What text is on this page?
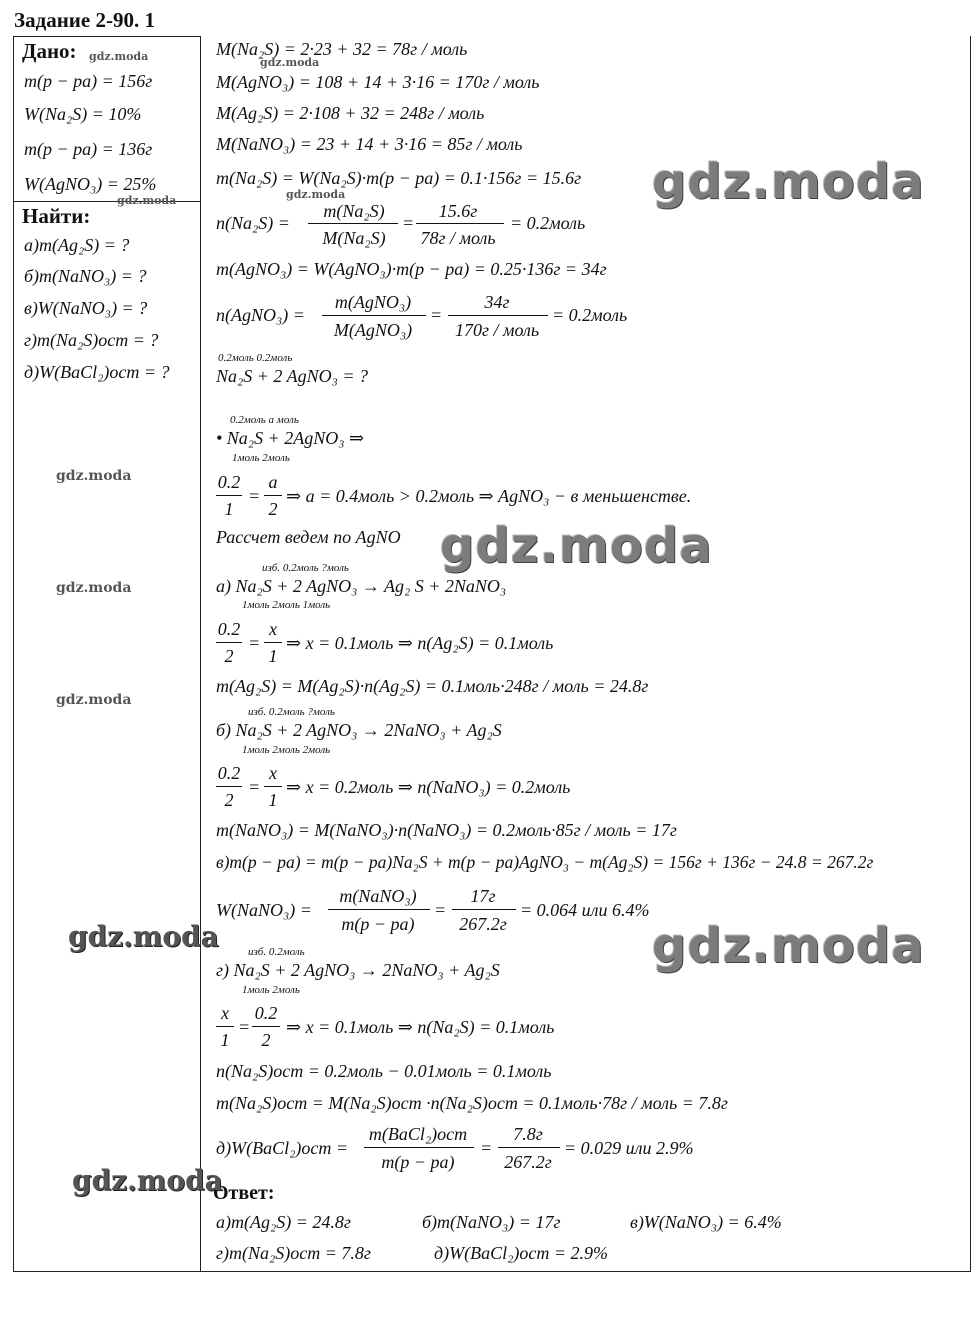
Задание 2-90. 1
Дано:
m(p − pa) = 156г
W(Na₂S) = 10%
m(p − pa) = 136г
W(AgNO₃) = 25%
Найти:
а)m(Ag₂S) = ?
б)m(NaNO₃) = ?
в)W(NaNO₃) = ?
г)m(Na₂S)ост = ?
д)W(BaCl₂)ост = ?
M(Na₂S) = 2·23 + 32 = 78г / моль
M(AgNO₃) = 108 + 14 + 3·16 = 170г / моль
M(Ag₂S) = 2·108 + 32 = 248г / моль
M(NaNO₃) = 23 + 14 + 3·16 = 85г / моль
m(Na₂S) = W(Na₂S)·m(p − pa) = 0.1·156г = 15.6г
n(Na₂S) =
m(Na₂S)
M(Na₂S)
=
15.6г
78г / моль
= 0.2моль
m(AgNO₃) = W(AgNO₃)·m(p − pa) = 0.25·136г = 34г
n(AgNO₃) =
m(AgNO₃)
M(AgNO₃)
=
34г
170г / моль
= 0.2моль
0.2моль 0.2моль
Na₂S + 2 AgNO₃ = ?
0.2моль a моль
• Na₂S + 2AgNO₃ ⇒
1моль 2моль
0.2
1
=
a
2
⇒ a = 0.4моль > 0.2моль ⇒ AgNO₃ − в меньшенстве.
Рассчет ведем по AgNO
изб. 0.2моль ?моль
а) Na₂S + 2 AgNO₃ → Ag₂ S + 2NaNO₃
1моль 2моль 1моль
0.2
2
=
x
1
⇒ x = 0.1моль ⇒ n(Ag₂S) = 0.1моль
m(Ag₂S) = M(Ag₂S)·n(Ag₂S) = 0.1моль·248г / моль = 24.8г
изб. 0.2моль ?моль
б) Na₂S + 2 AgNO₃ → 2NaNO₃ + Ag₂S
1моль 2моль 2моль
0.2
2
=
x
1
⇒ x = 0.2моль ⇒ n(NaNO₃) = 0.2моль
m(NaNO₃) = M(NaNO₃)·n(NaNO₃) = 0.2моль·85г / моль = 17г
в)m(p − pa) = m(p − pa)Na₂S + m(p − pa)AgNO₃ − m(Ag₂S) = 156г + 136г − 24.8 = 267.2г
W(NaNO₃) =
m(NaNO₃)
m(p − pa)
=
17г
267.2г
= 0.064 или 6.4%
изб. 0.2моль
г) Na₂S + 2 AgNO₃ → 2NaNO₃ + Ag₂S
1моль 2моль
x
1
=
0.2
2
⇒ x = 0.1моль ⇒ n(Na₂S) = 0.1моль
n(Na₂S)ост = 0.2моль − 0.01моль = 0.1моль
m(Na₂S)ост = M(Na₂S)ост ·n(Na₂S)ост = 0.1моль·78г / моль = 7.8г
д)W(BaCl₂)ост =
m(BaCl₂)ост
m(p − pa)
=
7.8г
267.2г
= 0.029 или 2.9%
Ответ:
а)m(Ag₂S) = 24.8г	б)m(NaNO₃) = 17г	в)W(NaNO₃) = 6.4%
г)m(Na₂S)ост = 7.8г	д)W(BaCl₂)ост = 2.9%
gdz.moda	gdz.moda
gdz.moda	gdz.moda
gdz.moda
gdz.moda
gdz.moda
gdz.moda
gdz.moda
gdz.moda
gdz.moda
gdz.moda
